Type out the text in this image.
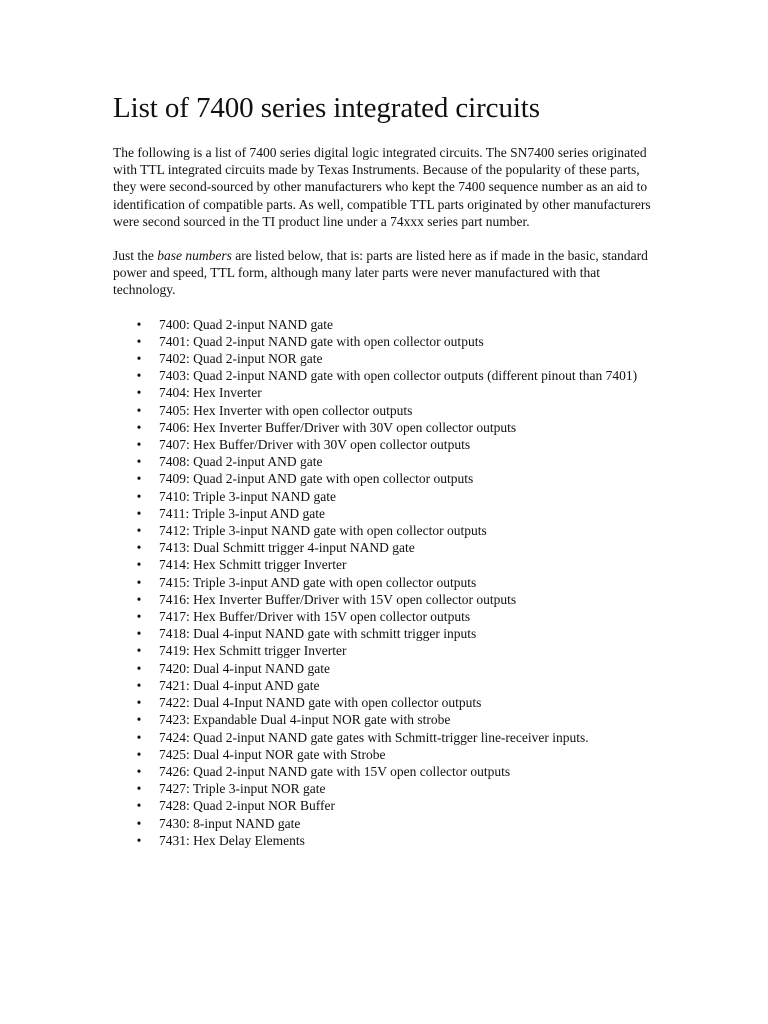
List of 7400 series integrated circuits

The following is a list of 7400 series digital logic integrated circuits. The SN7400 series originated with TTL integrated circuits made by Texas Instruments. Because of the popularity of these parts, they were second-sourced by other manufacturers who kept the 7400 sequence number as an aid to identification of compatible parts. As well, compatible TTL parts originated by other manufacturers were second sourced in the TI product line under a 74xxx series part number.

Just the base numbers are listed below, that is: parts are listed here as if made in the basic, standard power and speed, TTL form, although many later parts were never manufactured with that technology.

• 7400: Quad 2-input NAND gate
• 7401: Quad 2-input NAND gate with open collector outputs
• 7402: Quad 2-input NOR gate
• 7403: Quad 2-input NAND gate with open collector outputs (different pinout than 7401)
• 7404: Hex Inverter
• 7405: Hex Inverter with open collector outputs
• 7406: Hex Inverter Buffer/Driver with 30V open collector outputs
• 7407: Hex Buffer/Driver with 30V open collector outputs
• 7408: Quad 2-input AND gate
• 7409: Quad 2-input AND gate with open collector outputs
• 7410: Triple 3-input NAND gate
• 7411: Triple 3-input AND gate
• 7412: Triple 3-input NAND gate with open collector outputs
• 7413: Dual Schmitt trigger 4-input NAND gate
• 7414: Hex Schmitt trigger Inverter
• 7415: Triple 3-input AND gate with open collector outputs
• 7416: Hex Inverter Buffer/Driver with 15V open collector outputs
• 7417: Hex Buffer/Driver with 15V open collector outputs
• 7418: Dual 4-input NAND gate with schmitt trigger inputs
• 7419: Hex Schmitt trigger Inverter
• 7420: Dual 4-input NAND gate
• 7421: Dual 4-input AND gate
• 7422: Dual 4-Input NAND gate with open collector outputs
• 7423: Expandable Dual 4-input NOR gate with strobe
• 7424: Quad 2-input NAND gate gates with Schmitt-trigger line-receiver inputs.
• 7425: Dual 4-input NOR gate with Strobe
• 7426: Quad 2-input NAND gate with 15V open collector outputs
• 7427: Triple 3-input NOR gate
• 7428: Quad 2-input NOR Buffer
• 7430: 8-input NAND gate
• 7431: Hex Delay Elements
